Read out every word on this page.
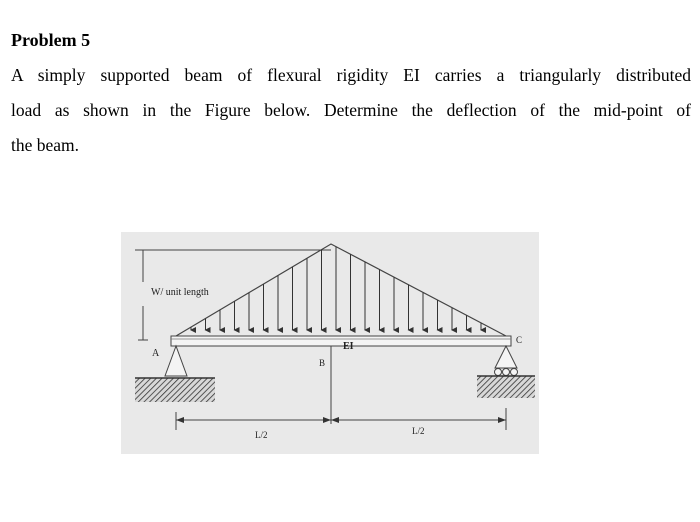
Problem 5
A simply supported beam of flexural rigidity EI carries a triangularly distributed
load as shown in the Figure below. Determine the deflection of the mid-point of
the beam.
W/ unit length
A
B
C
EI
L/2	L/2
